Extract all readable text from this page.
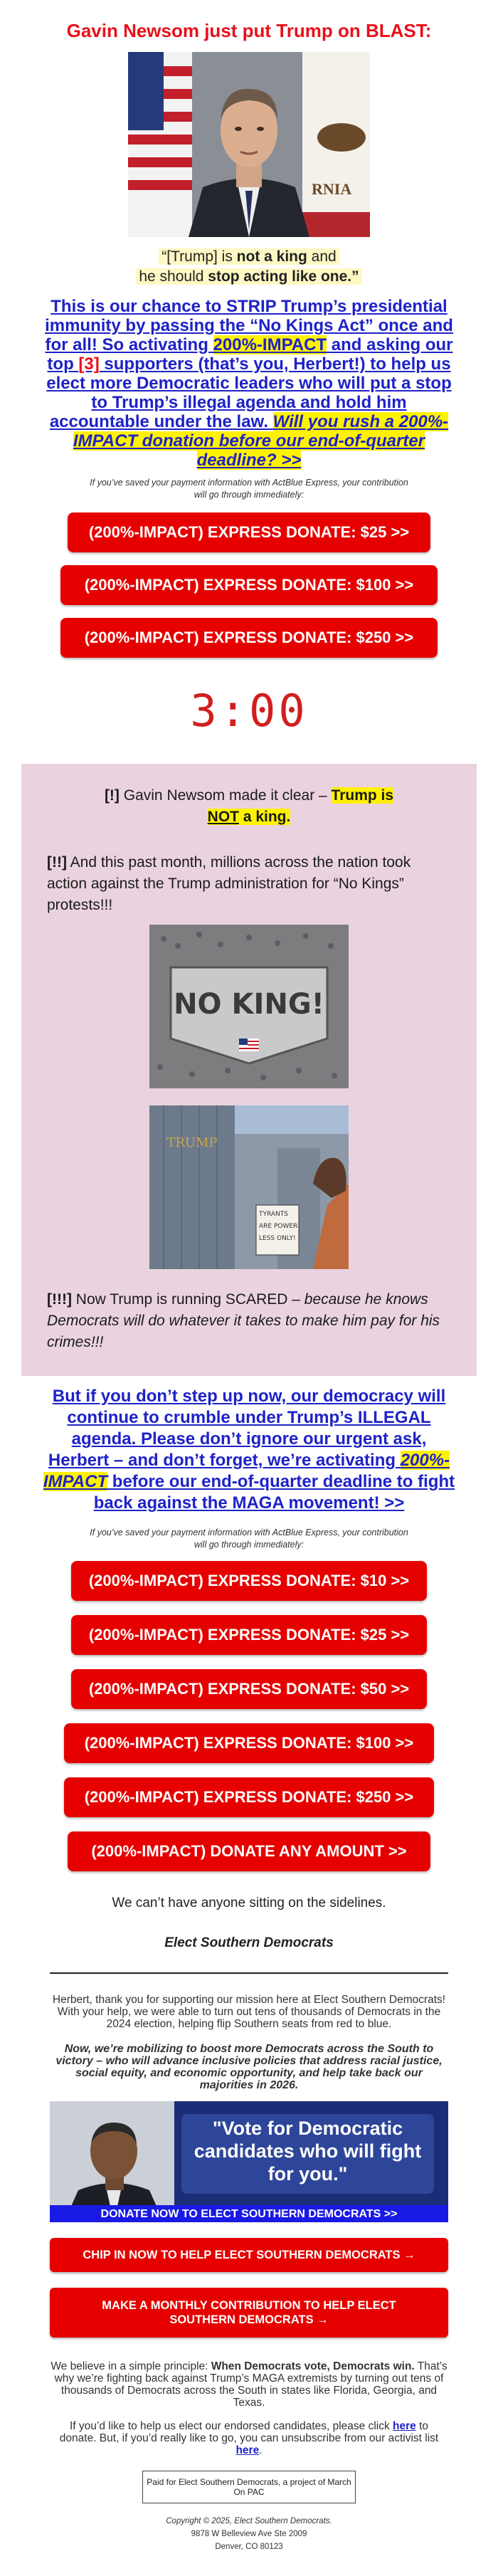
Gavin Newsom just put Trump on BLAST:
RNIA
“[Trump] is not a king and
he should stop acting like one.”
This is our chance to STRIP Trump’s presidential immunity by passing the “No Kings Act” once and for all! So activating 200%-IMPACT and asking our top [3] supporters (that’s you, Herbert!) to help us elect more Democratic leaders who will put a stop to Trump’s illegal agenda and hold him accountable under the law. Will you rush a 200%-IMPACT donation before our end-of-quarter deadline? >>
If you’ve saved your payment information with ActBlue Express, your contribution will go through immediately:
(200%-IMPACT) EXPRESS DONATE: $25 >>
(200%-IMPACT) EXPRESS DONATE: $100 >>
(200%-IMPACT) EXPRESS DONATE: $250 >>
3:00

[!] Gavin Newsom made it clear – Trump is NOT a king.

[!!] And this past month, millions across the nation took action against the Trump administration for “No Kings” protests!!!

NO KING!
TRUMP
TYRANTS ARE POWER-LESS ONLY!

[!!!] Now Trump is running SCARED – because he knows Democrats will do whatever it takes to make him pay for his crimes!!!

But if you don’t step up now, our democracy will continue to crumble under Trump’s ILLEGAL agenda. Please don’t ignore our urgent ask, Herbert – and don’t forget, we’re activating 200%-IMPACT before our end-of-quarter deadline to fight back against the MAGA movement! >>
If you’ve saved your payment information with ActBlue Express, your contribution will go through immediately:
(200%-IMPACT) EXPRESS DONATE: $10 >>
(200%-IMPACT) EXPRESS DONATE: $25 >>
(200%-IMPACT) EXPRESS DONATE: $50 >>
(200%-IMPACT) EXPRESS DONATE: $100 >>
(200%-IMPACT) EXPRESS DONATE: $250 >>
(200%-IMPACT) DONATE ANY AMOUNT >>
We can’t have anyone sitting on the sidelines.
Elect Southern Democrats
Herbert, thank you for supporting our mission here at Elect Southern Democrats! With your help, we were able to turn out tens of thousands of Democrats in the 2024 election, helping flip Southern seats from red to blue.
Now, we’re mobilizing to boost more Democrats across the South to victory – who will advance inclusive policies that address racial justice, social equity, and economic opportunity, and help take back our majorities in 2026.
"Vote for Democratic candidates who will fight for you."
DONATE NOW TO ELECT SOUTHERN DEMOCRATS >>
CHIP IN NOW TO HELP ELECT SOUTHERN DEMOCRATS →
MAKE A MONTHLY CONTRIBUTION TO HELP ELECT SOUTHERN DEMOCRATS →
We believe in a simple principle: When Democrats vote, Democrats win. That’s why we’re fighting back against Trump’s MAGA extremists by turning out tens of thousands of Democrats across the South in states like Florida, Georgia, and Texas.
If you’d like to help us elect our endorsed candidates, please click here to donate. But, if you’d really like to go, you can unsubscribe from our activist list here.
Paid for Elect Southern Democrats, a project of March On PAC
Copyright © 2025, Elect Southern Democrats.
9878 W Belleview Ave Ste 2009
Denver, CO 80123
